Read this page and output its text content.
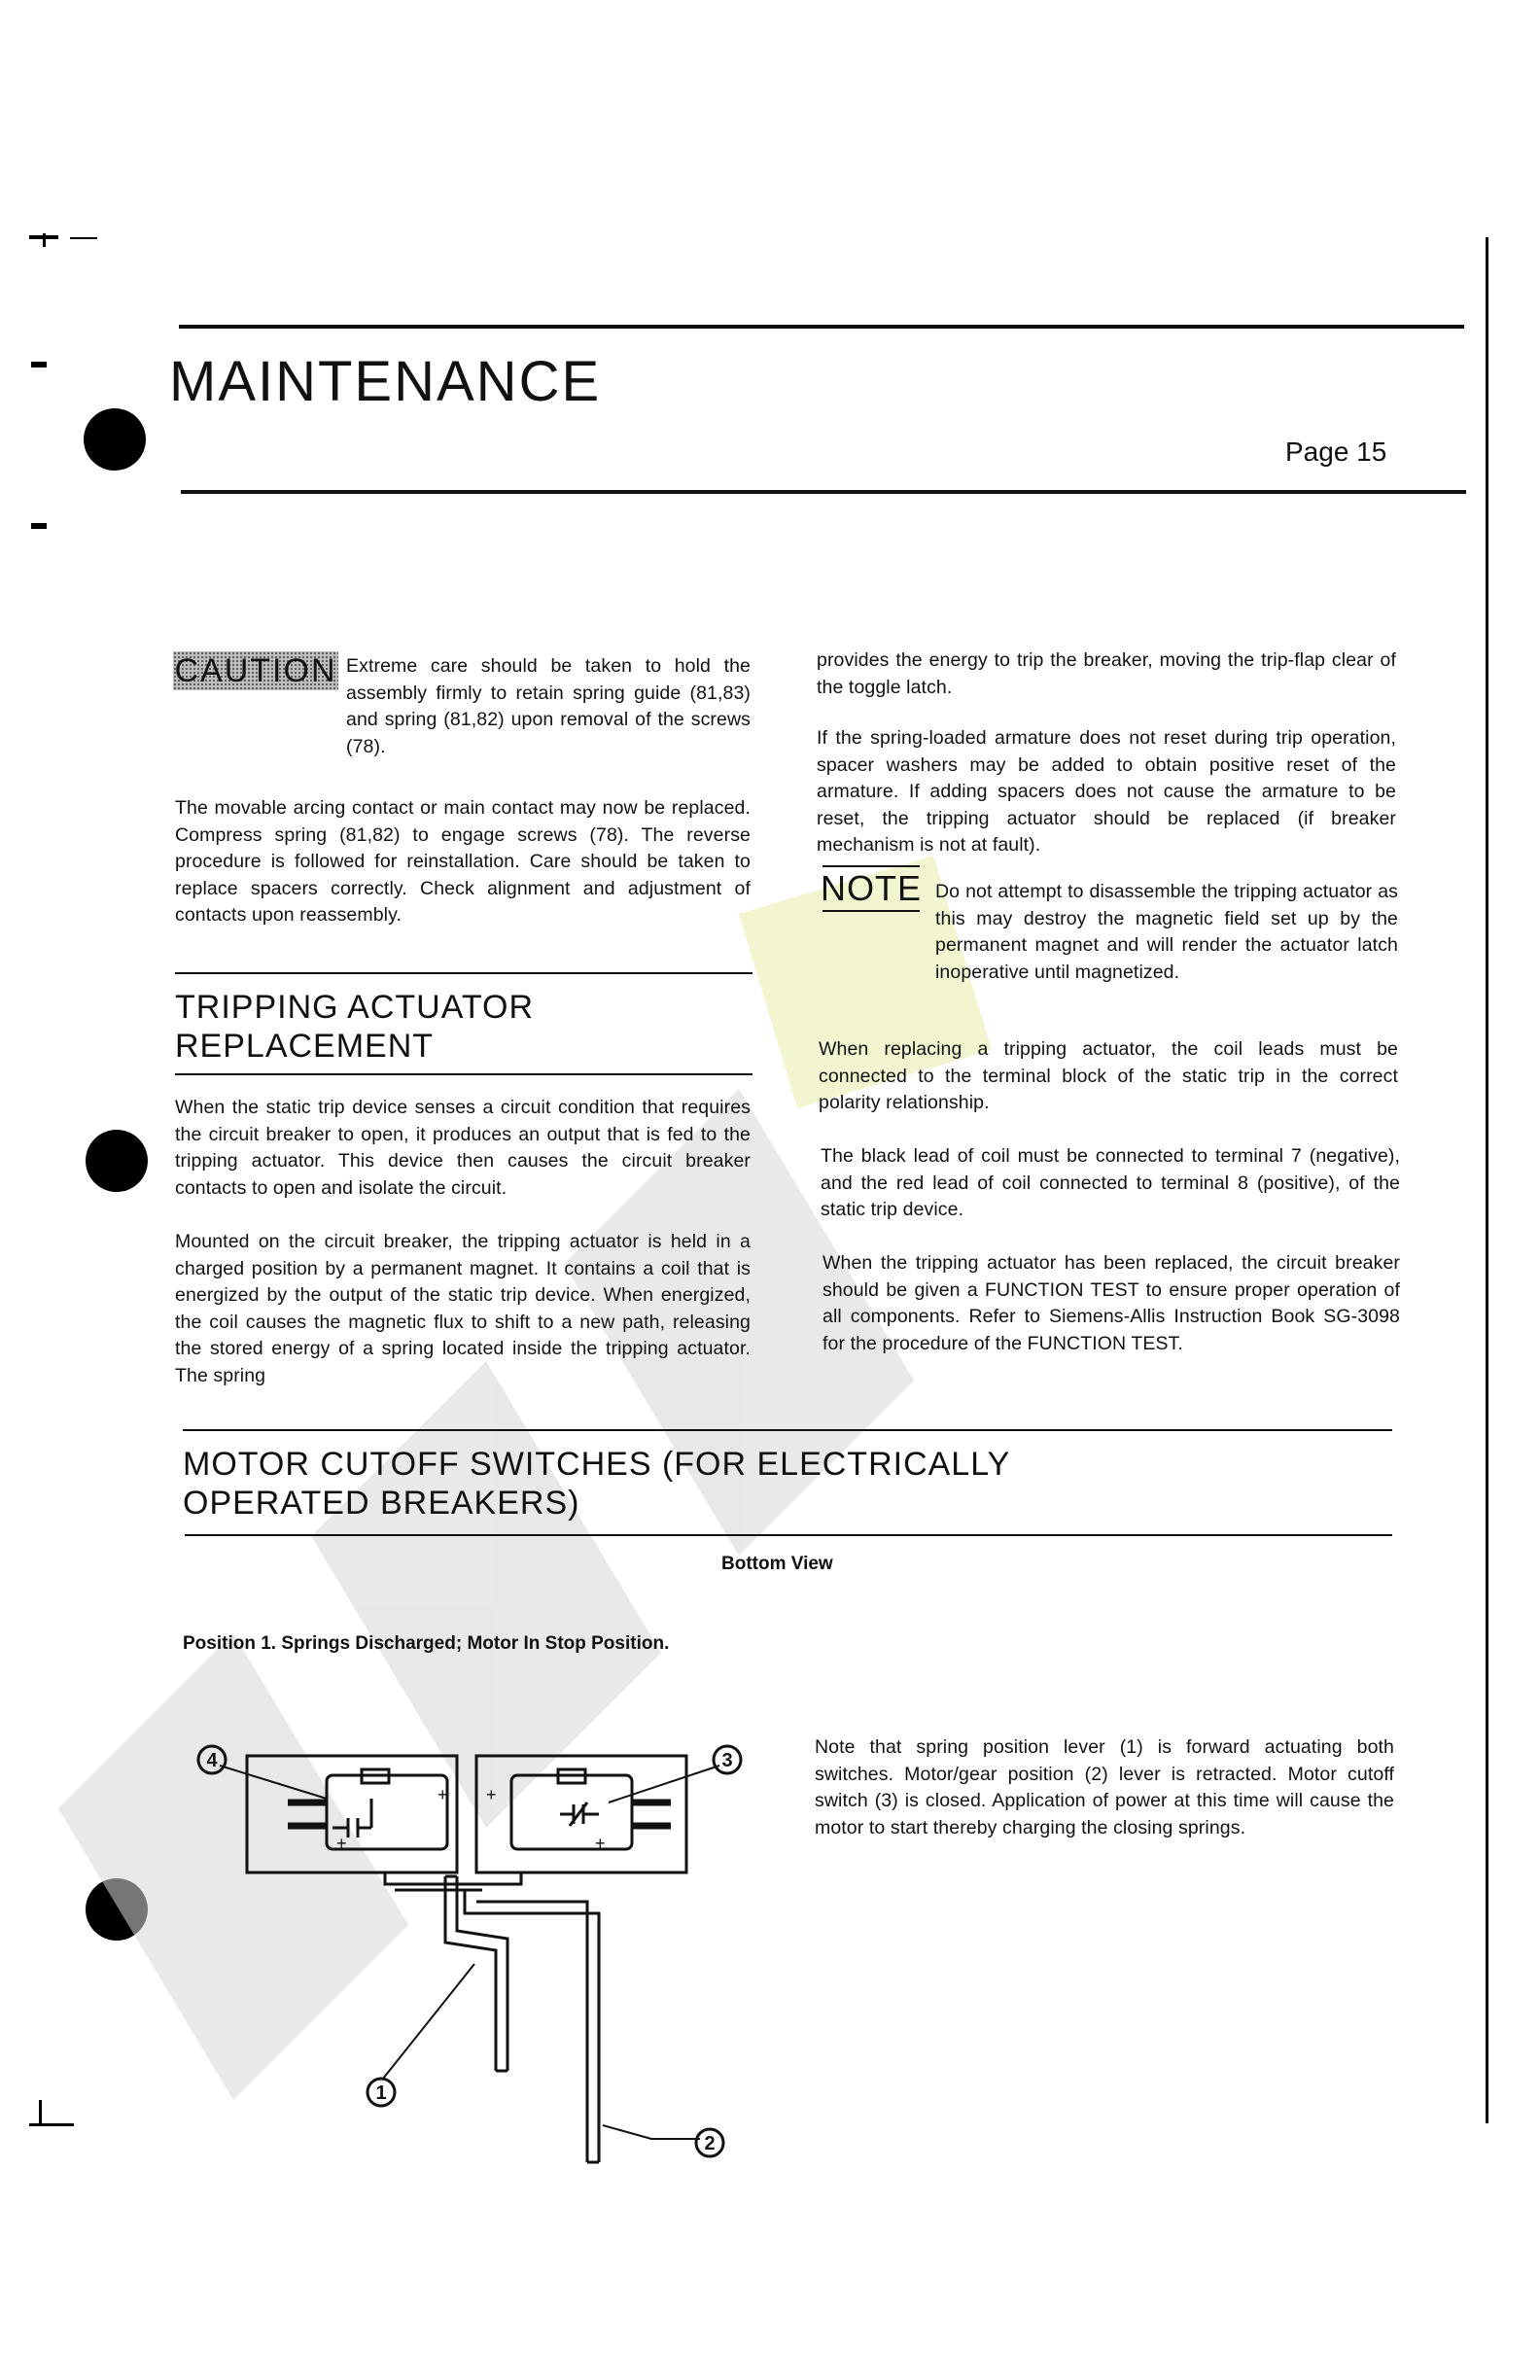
MAINTENANCE
Page 15
CAUTION Extreme care should be taken to hold the assembly firmly to retain spring guide (81,83) and spring (81,82) upon removal of the screws (78).
The movable arcing contact or main contact may now be replaced. Compress spring (81,82) to engage screws (78). The reverse procedure is followed for reinstallation. Care should be taken to replace spacers correctly. Check alignment and adjustment of contacts upon reassembly.
TRIPPING ACTUATOR
REPLACEMENT
When the static trip device senses a circuit condition that requires the circuit breaker to open, it produces an output that is fed to the tripping actuator. This device then causes the circuit breaker contacts to open and isolate the circuit.
Mounted on the circuit breaker, the tripping actuator is held in a charged position by a permanent magnet. It contains a coil that is energized by the output of the static trip device. When energized, the coil causes the magnetic flux to shift to a new path, releasing the stored energy of a spring located inside the tripping actuator. The spring
provides the energy to trip the breaker, moving the trip-flap clear of the toggle latch.
If the spring-loaded armature does not reset during trip operation, spacer washers may be added to obtain positive reset of the armature. If adding spacers does not cause the armature to be reset, the tripping actuator should be replaced (if breaker mechanism is not at fault).
NOTE Do not attempt to disassemble the tripping actuator as this may destroy the magnetic field set up by the permanent magnet and will render the actuator latch inoperative until magnetized.
When replacing a tripping actuator, the coil leads must be connected to the terminal block of the static trip in the correct polarity relationship.
The black lead of coil must be connected to terminal 7 (negative), and the red lead of coil connected to terminal 8 (positive), of the static trip device.
When the tripping actuator has been replaced, the circuit breaker should be given a FUNCTION TEST to ensure proper operation of all components. Refer to Siemens-Allis Instruction Book SG-3098 for the procedure of the FUNCTION TEST.
MOTOR CUTOFF SWITCHES (FOR ELECTRICALLY
OPERATED BREAKERS)
Bottom View
Position 1. Springs Discharged; Motor In Stop Position.
Note that spring position lever (1) is forward actuating both switches. Motor/gear position (2) lever is retracted. Motor cutoff switch (3) is closed. Application of power at this time will cause the motor to start thereby charging the closing springs.
4	3
1
2
+
+
+
+
